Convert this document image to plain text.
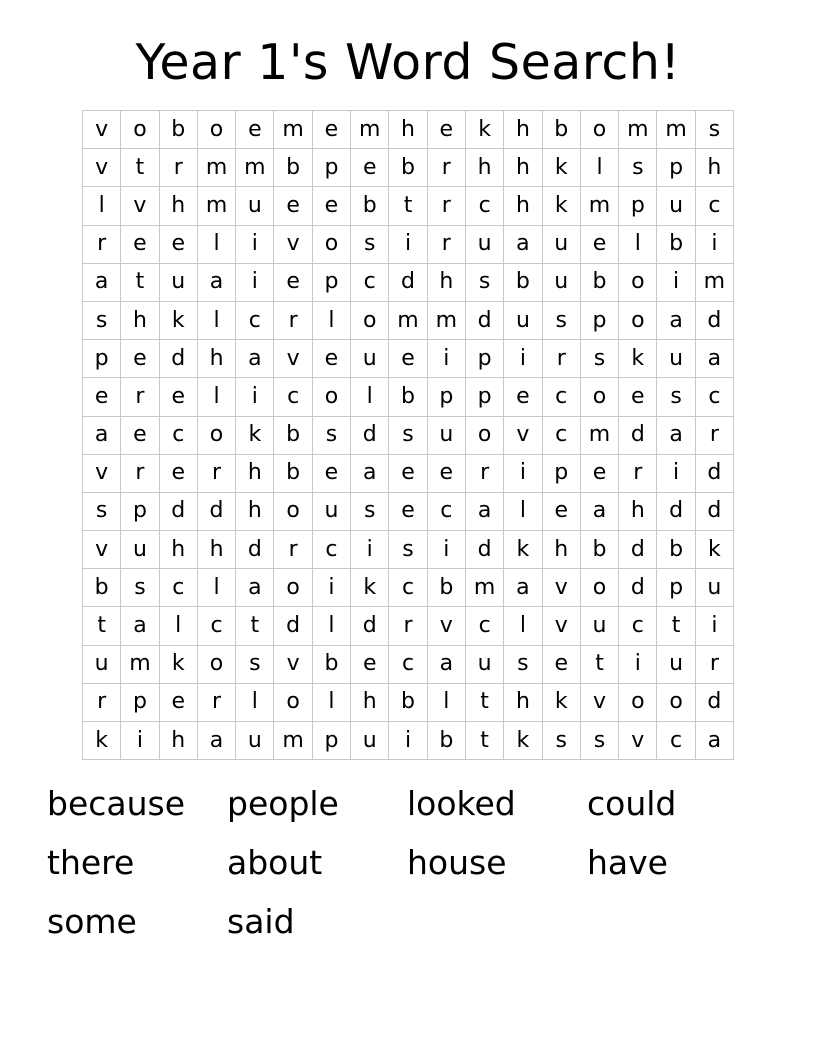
Year 1's Word Search!
v	o	b	o	e	m	e	m	h	e	k	h	b	o	m	m	s
v	t	r	m	m	b	p	e	b	r	h	h	k	l	s	p	h
l	v	h	m	u	e	e	b	t	r	c	h	k	m	p	u	c
r	e	e	l	i	v	o	s	i	r	u	a	u	e	l	b	i
a	t	u	a	i	e	p	c	d	h	s	b	u	b	o	i	m
s	h	k	l	c	r	l	o	m	m	d	u	s	p	o	a	d
p	e	d	h	a	v	e	u	e	i	p	i	r	s	k	u	a
e	r	e	l	i	c	o	l	b	p	p	e	c	o	e	s	c
a	e	c	o	k	b	s	d	s	u	o	v	c	m	d	a	r
v	r	e	r	h	b	e	a	e	e	r	i	p	e	r	i	d
s	p	d	d	h	o	u	s	e	c	a	l	e	a	h	d	d
v	u	h	h	d	r	c	i	s	i	d	k	h	b	d	b	k
b	s	c	l	a	o	i	k	c	b	m	a	v	o	d	p	u
t	a	l	c	t	d	l	d	r	v	c	l	v	u	c	t	i
u	m	k	o	s	v	b	e	c	a	u	s	e	t	i	u	r
r	p	e	r	l	o	l	h	b	l	t	h	k	v	o	o	d
k	i	h	a	u	m	p	u	i	b	t	k	s	s	v	c	a
because	people	looked	could
there	about	house	have
some	said
